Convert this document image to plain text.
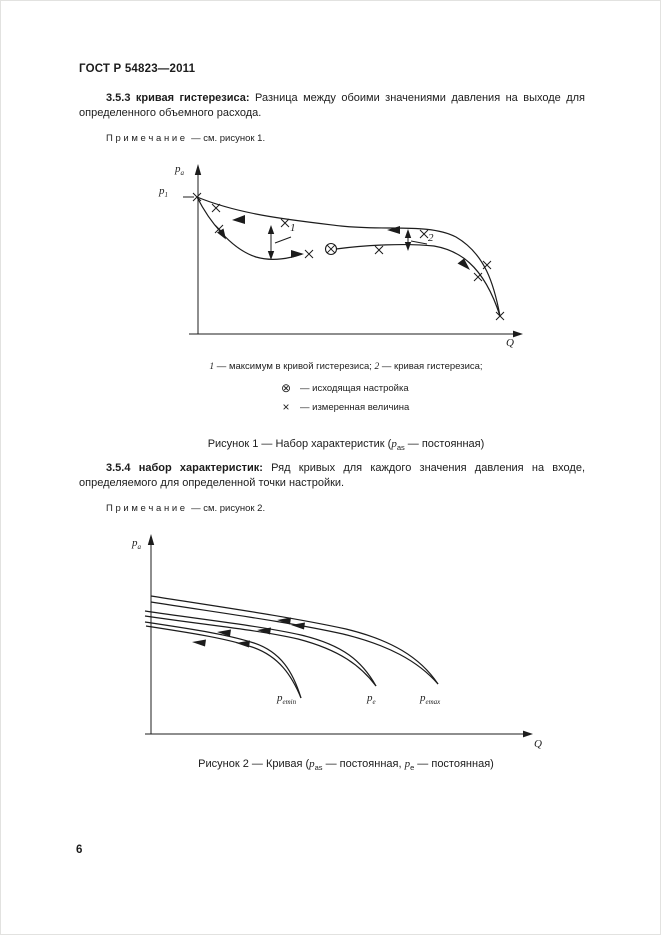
ГОСТ Р 54823—2011
3.5.3 кривая гистерезиса: Разница между обоими значениями давления на выходе для определенного объемного расхода.
П р и м е ч а н и е — см. рисунок 1.
$p_a$
$p_1$
Q
1
2
1 — максимум в кривой гистерезиса; 2 — кривая гистерезиса;
⊗ — исходящая настройка
×	— измеренная величина
Рисунок 1 — Набор характеристик ($p_{as}$ — постоянная)
3.5.4 набор характеристик: Ряд кривых для каждого значения давления на входе, определяемого для определенной точки настройки.
П р и м е ч а н и е — см. рисунок 2.
$p_a$
Q
$p_{emin}$	$p_e$	$p_{emax}$
Рисунок 2 — Кривая ($p_{as}$ — постоянная, $p_e$ — постоянная)
6
